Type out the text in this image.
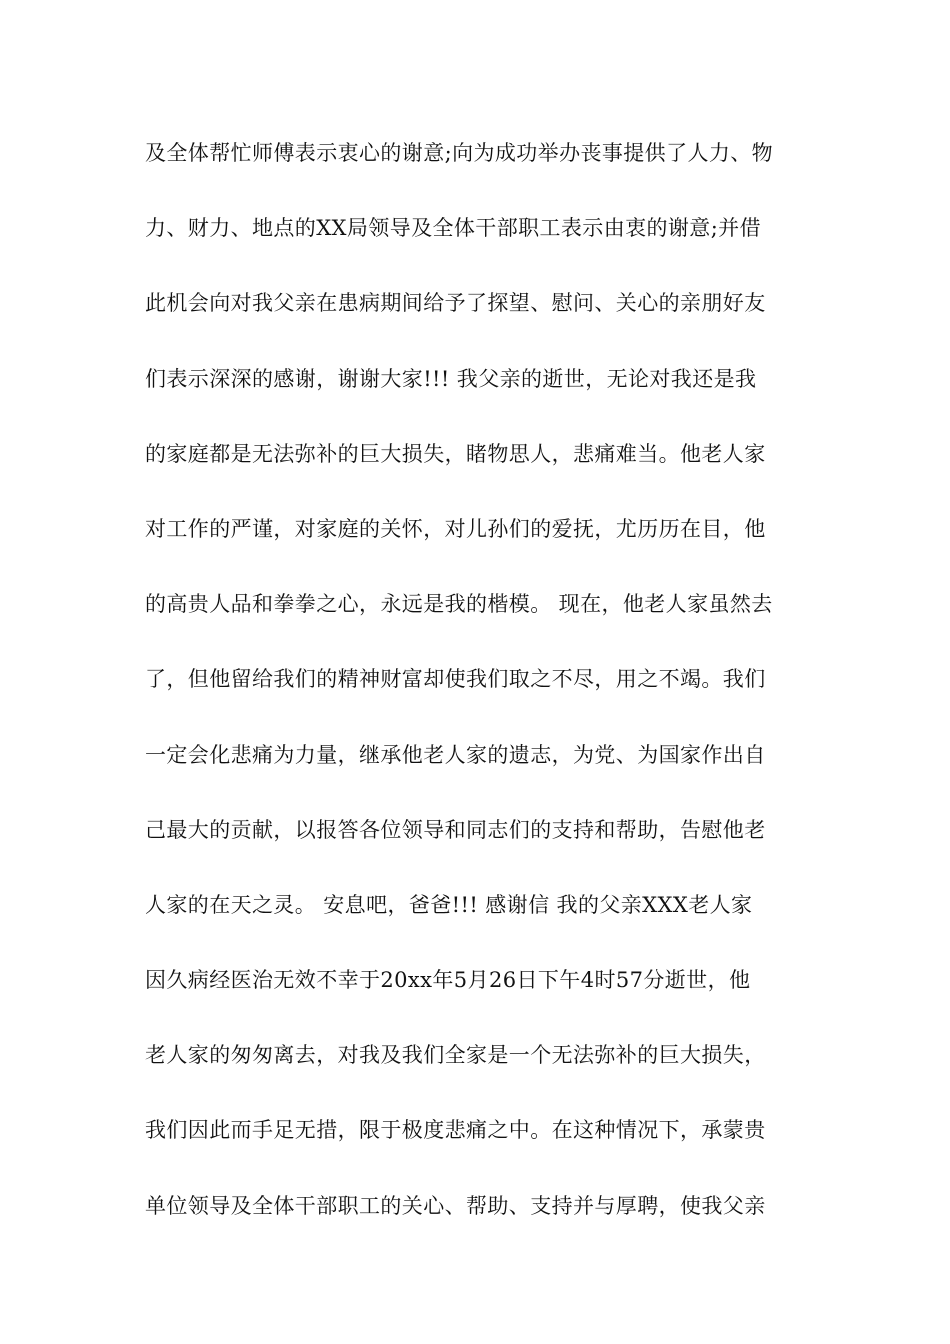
及全体帮忙师傅表示衷心的谢意;向为成功举办丧事提供了人力、物
力、财力、地点的XX局领导及全体干部职工表示由衷的谢意;并借
此机会向对我父亲在患病期间给予了探望、慰问、关心的亲朋好友
们表示深深的感谢，谢谢大家!!! 我父亲的逝世，无论对我还是我
的家庭都是无法弥补的巨大损失，睹物思人，悲痛难当。他老人家
对工作的严谨，对家庭的关怀，对儿孙们的爱抚，尤历历在目，他
的高贵人品和拳拳之心，永远是我的楷模。 现在，他老人家虽然去
了，但他留给我们的精神财富却使我们取之不尽，用之不竭。我们
一定会化悲痛为力量，继承他老人家的遗志，为党、为国家作出自
己最大的贡献，以报答各位领导和同志们的支持和帮助，告慰他老
人家的在天之灵。 安息吧，爸爸!!! 感谢信 我的父亲XXX老人家
因久病经医治无效不幸于20xx年5月26日下午4时57分逝世，他
老人家的匆匆离去，对我及我们全家是一个无法弥补的巨大损失，
我们因此而手足无措，限于极度悲痛之中。在这种情况下，承蒙贵
单位领导及全体干部职工的关心、帮助、支持并与厚聘，使我父亲
